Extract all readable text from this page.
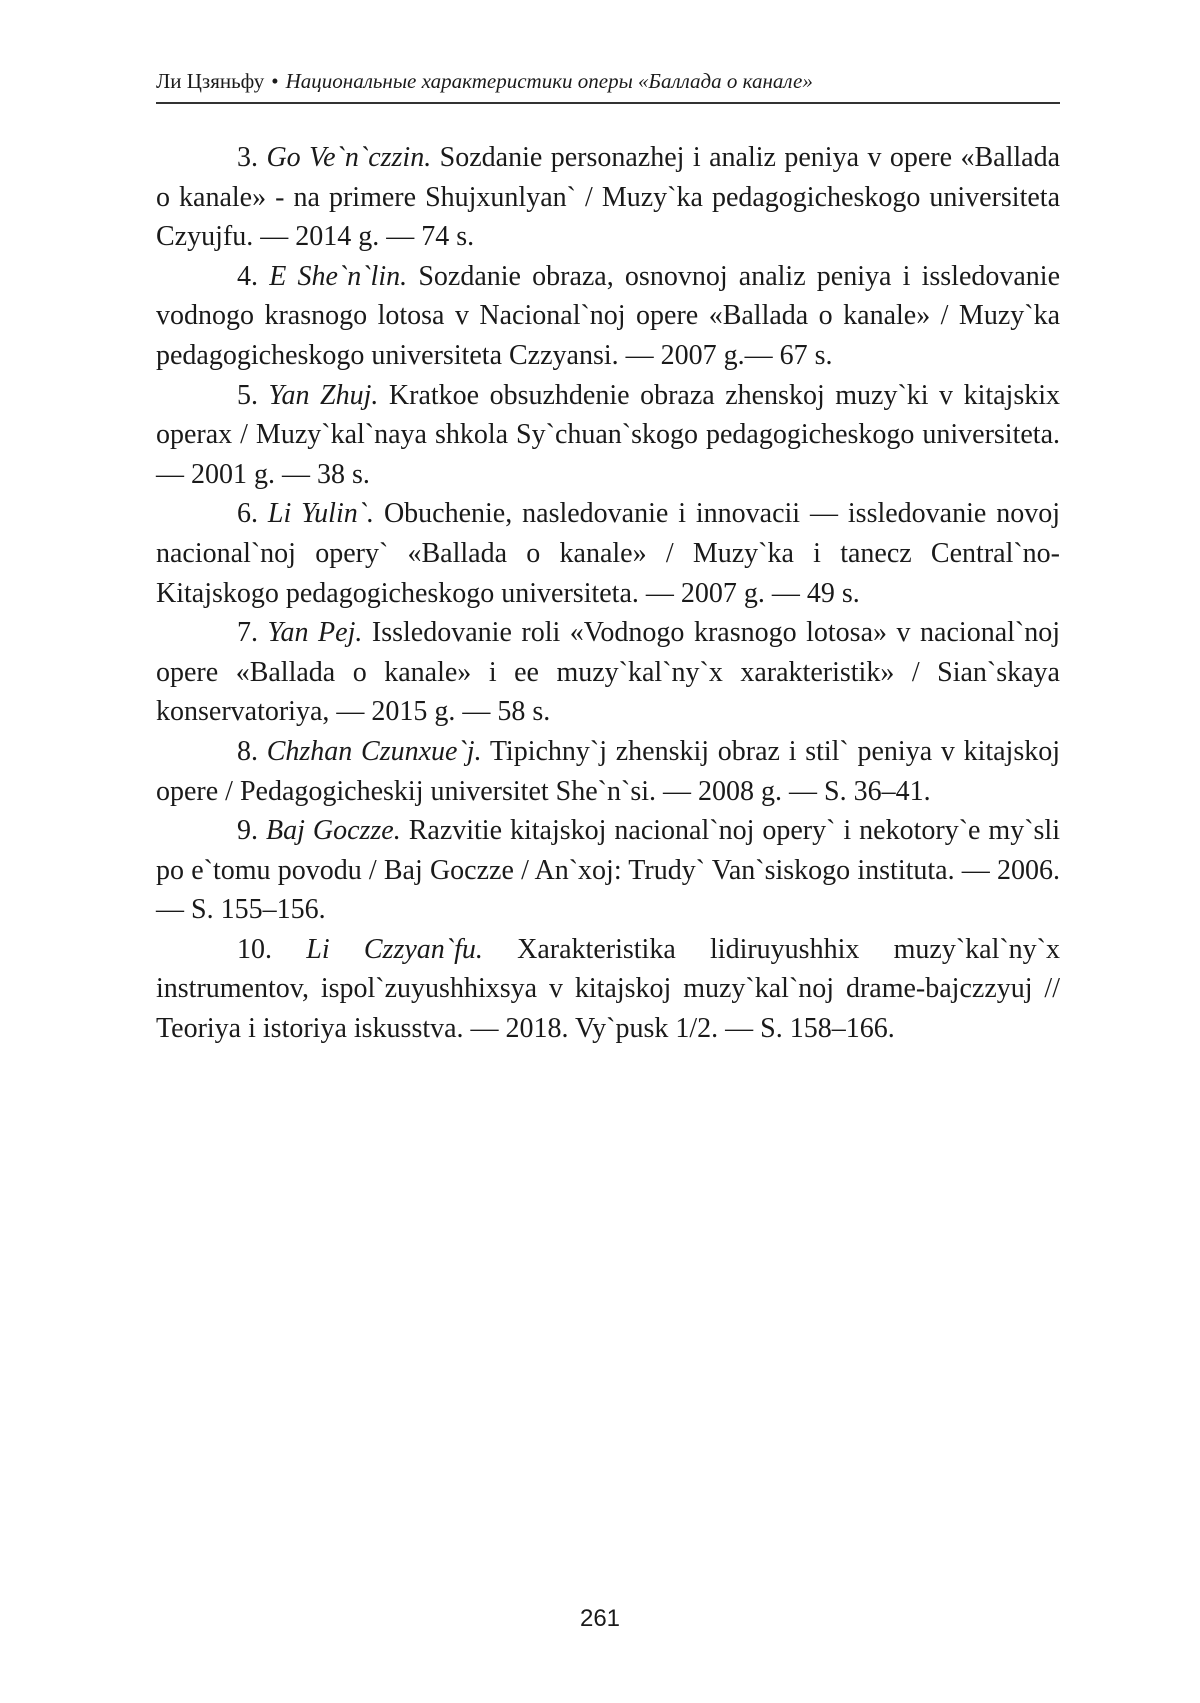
Ли Цзяньфу • Национальные характеристики оперы «Баллада о канале»
3. Go Ve`n`czzin. Sozdanie personazhej i analiz peniya v opere «Ballada o kanale» - na primere Shujxunlyan` / Muzy`ka pedagogicheskogo universiteta Czyujfu. — 2014 g. — 74 s.
4. E She`n`lin. Sozdanie obraza, osnovnoj analiz peniya i issledovanie vodnogo krasnogo lotosa v Nacional`noj opere «Ballada o kanale» / Muzy`ka pedagogicheskogo universiteta Czzyansi. — 2007 g.— 67 s.
5. Yan Zhuj. Kratkoe obsuzhdenie obraza zhenskoj muzy`ki v kitajskix operax / Muzy`kal`naya shkola Sy`chuan`skogo pedagogicheskogo universiteta. — 2001 g. — 38 s.
6. Li Yulin`. Obuchenie, nasledovanie i innovacii — issledovanie novoj nacional`noj opery` «Ballada o kanale» / Muzy`ka i tanecz Central`no-Kitajskogo pedagogicheskogo universiteta. — 2007 g. — 49 s.
7. Yan Pej. Issledovanie roli «Vodnogo krasnogo lotosa» v nacional`noj opere «Ballada o kanale» i ee muzy`kal`ny`x xarakteristik» / Sian`skaya konservatoriya, — 2015 g. — 58 s.
8. Chzhan Czunxue`j. Tipichny`j zhenskij obraz i stil` peniya v kitajskoj opere / Pedagogicheskij universitet She`n`si. — 2008 g. — S. 36–41.
9. Baj Goczze. Razvitie kitajskoj nacional`noj opery` i nekotory`e my`sli po e`tomu povodu / Baj Goczze / An`xoj: Trudy` Van`siskogo instituta. — 2006. — S. 155–156.
10. Li Czzyan`fu. Xarakteristika lidiruyushhix muzy`kal`ny`x instrumentov, ispol`zuyushhixsya v kitajskoj muzy`kal`noj drame-bajczzyuj // Teoriya i istoriya iskusstva. — 2018. Vy`pusk 1/2. — S. 158–166.
261
